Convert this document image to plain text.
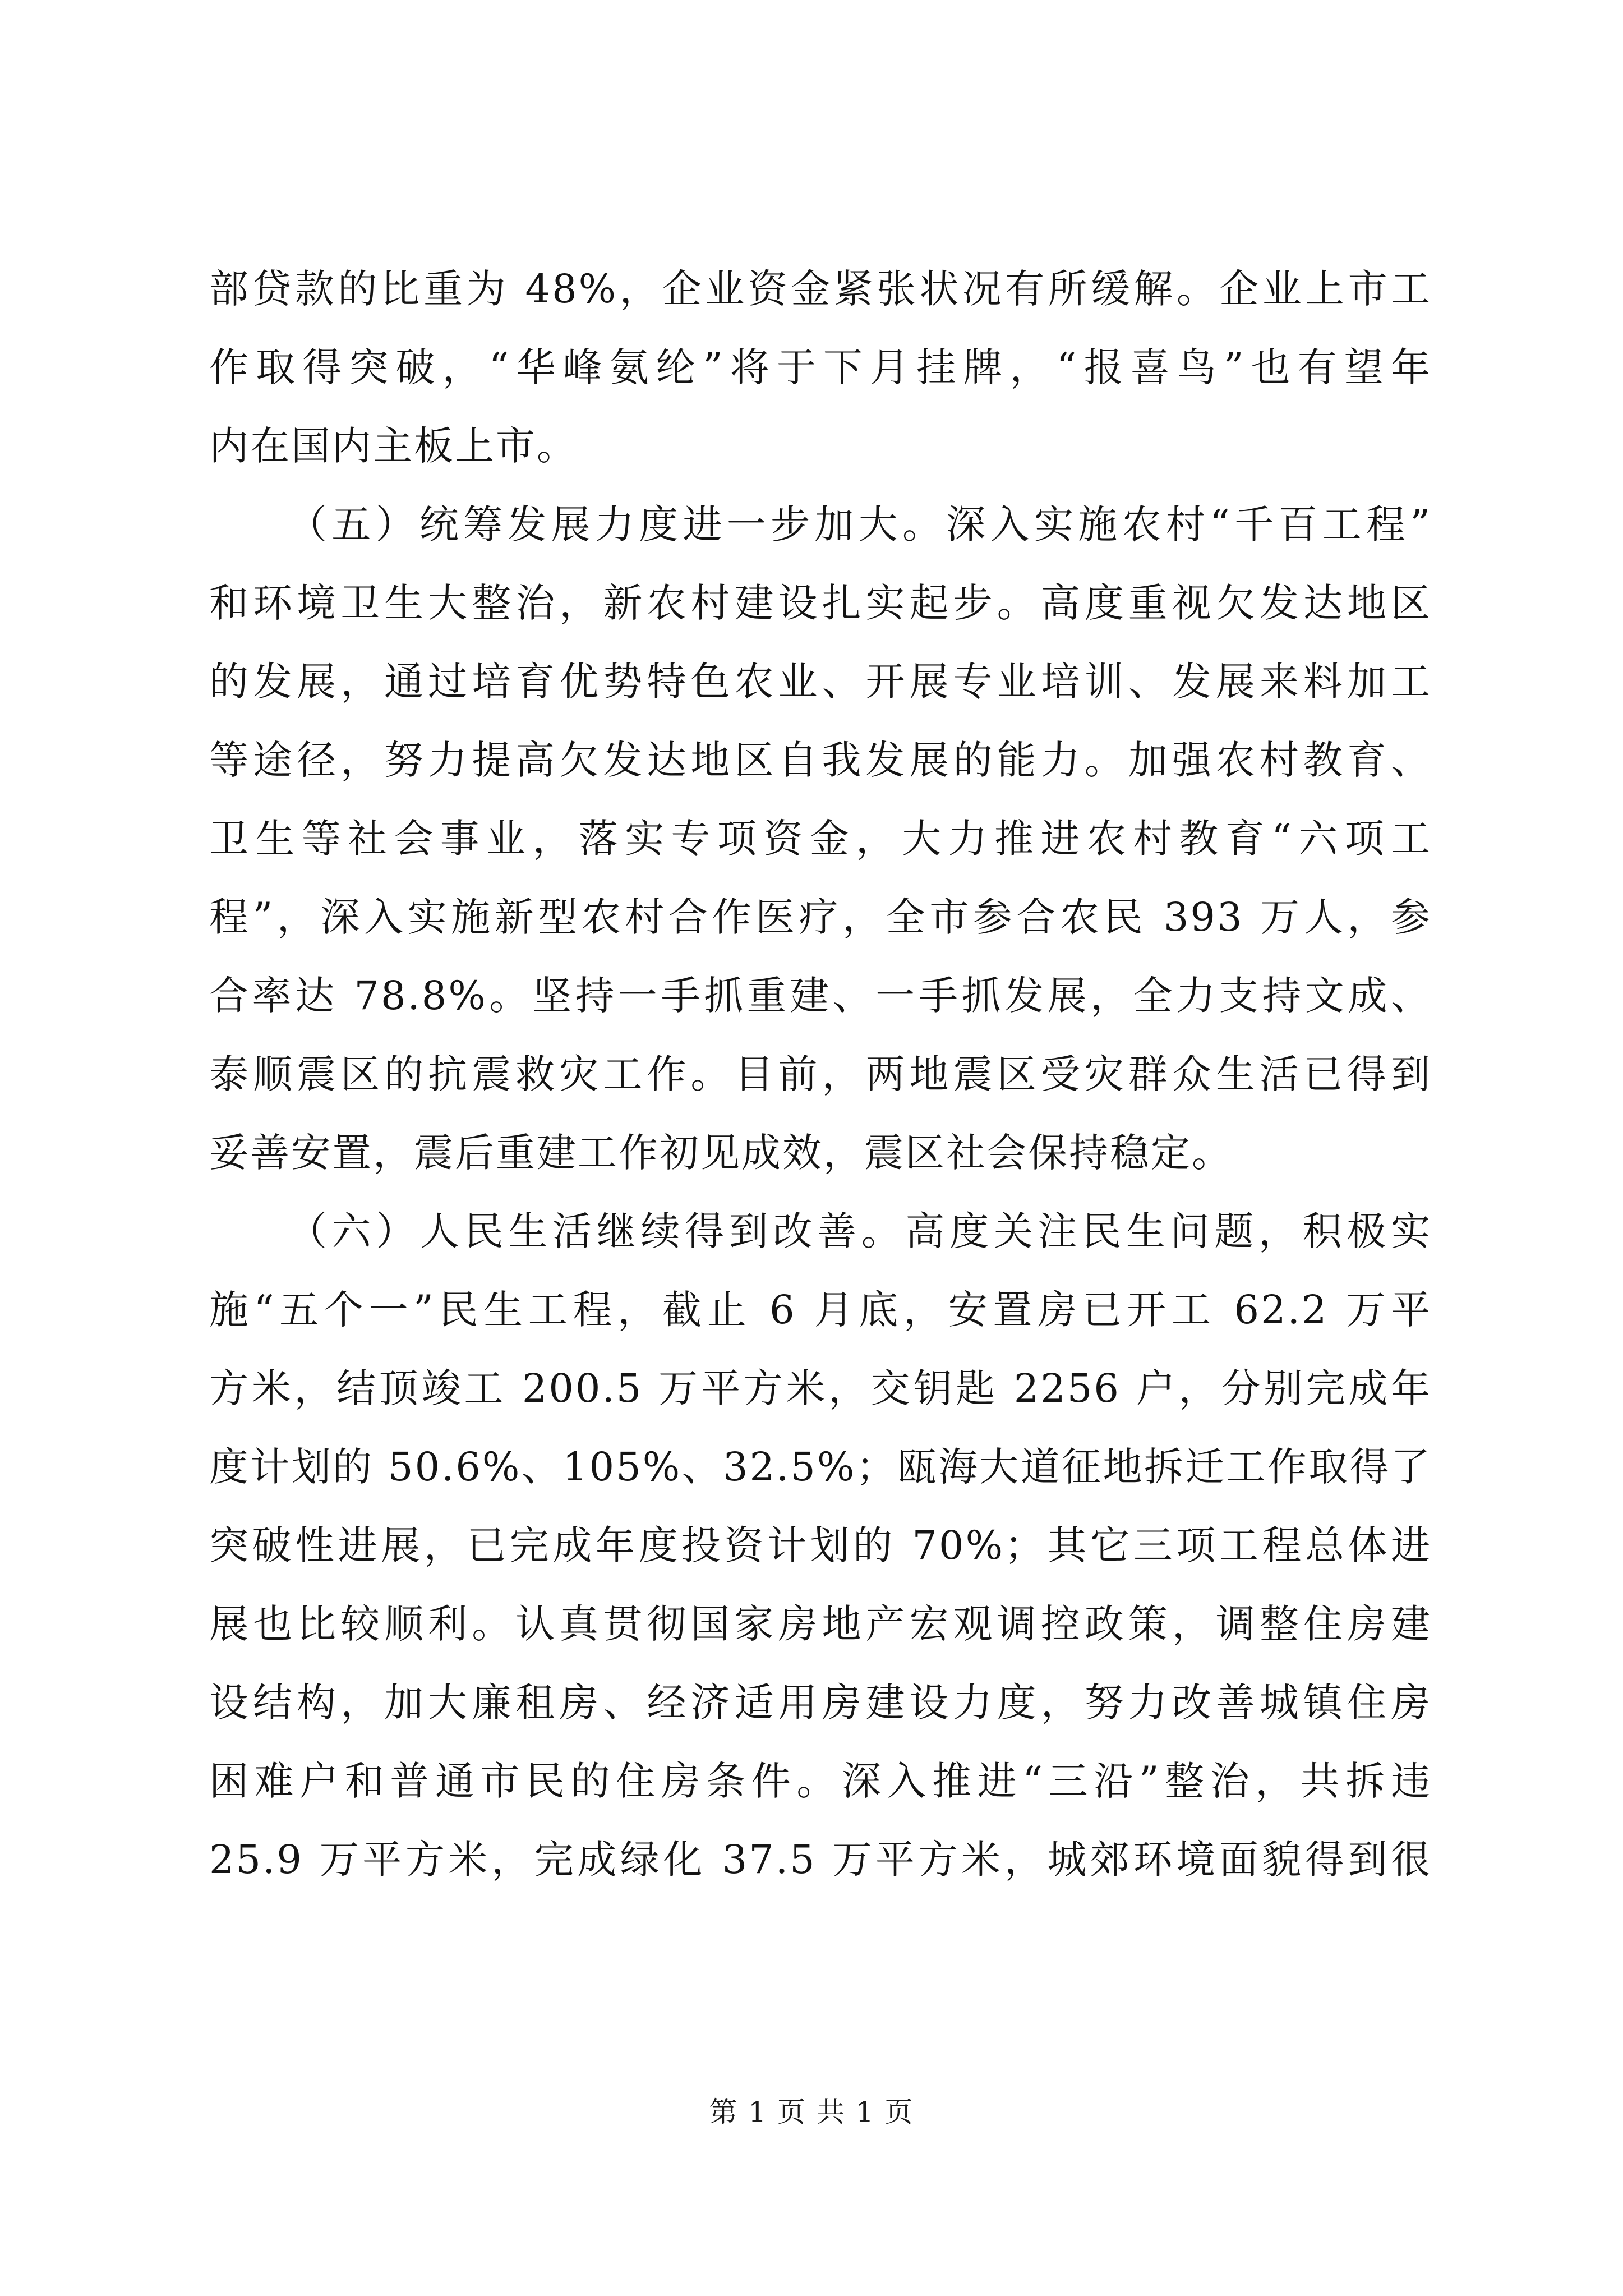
部贷款的比重为 48%，企业资金紧张状况有所缓解。企业上市工
作取得突破，“华峰氨纶”将于下月挂牌，“报喜鸟”也有望年
内在国内主板上市。
（五）统筹发展力度进一步加大。深入实施农村“千百工程”
和环境卫生大整治，新农村建设扎实起步。高度重视欠发达地区
的发展，通过培育优势特色农业、开展专业培训、发展来料加工
等途径，努力提高欠发达地区自我发展的能力。加强农村教育、
卫生等社会事业，落实专项资金，大力推进农村教育“六项工
程”，深入实施新型农村合作医疗，全市参合农民 393 万人，参
合率达 78.8%。坚持一手抓重建、一手抓发展，全力支持文成、
泰顺震区的抗震救灾工作。目前，两地震区受灾群众生活已得到
妥善安置，震后重建工作初见成效，震区社会保持稳定。
（六）人民生活继续得到改善。高度关注民生问题，积极实
施“五个一”民生工程，截止 6 月底，安置房已开工 62.2 万平
方米，结顶竣工 200.5 万平方米，交钥匙 2256 户，分别完成年
度计划的 50.6%、105%、32.5%；瓯海大道征地拆迁工作取得了
突破性进展，已完成年度投资计划的 70%；其它三项工程总体进
展也比较顺利。认真贯彻国家房地产宏观调控政策，调整住房建
设结构，加大廉租房、经济适用房建设力度，努力改善城镇住房
困难户和普通市民的住房条件。深入推进“三沿”整治，共拆违
25.9 万平方米，完成绿化 37.5 万平方米，城郊环境面貌得到很
第 1 页 共 1 页
